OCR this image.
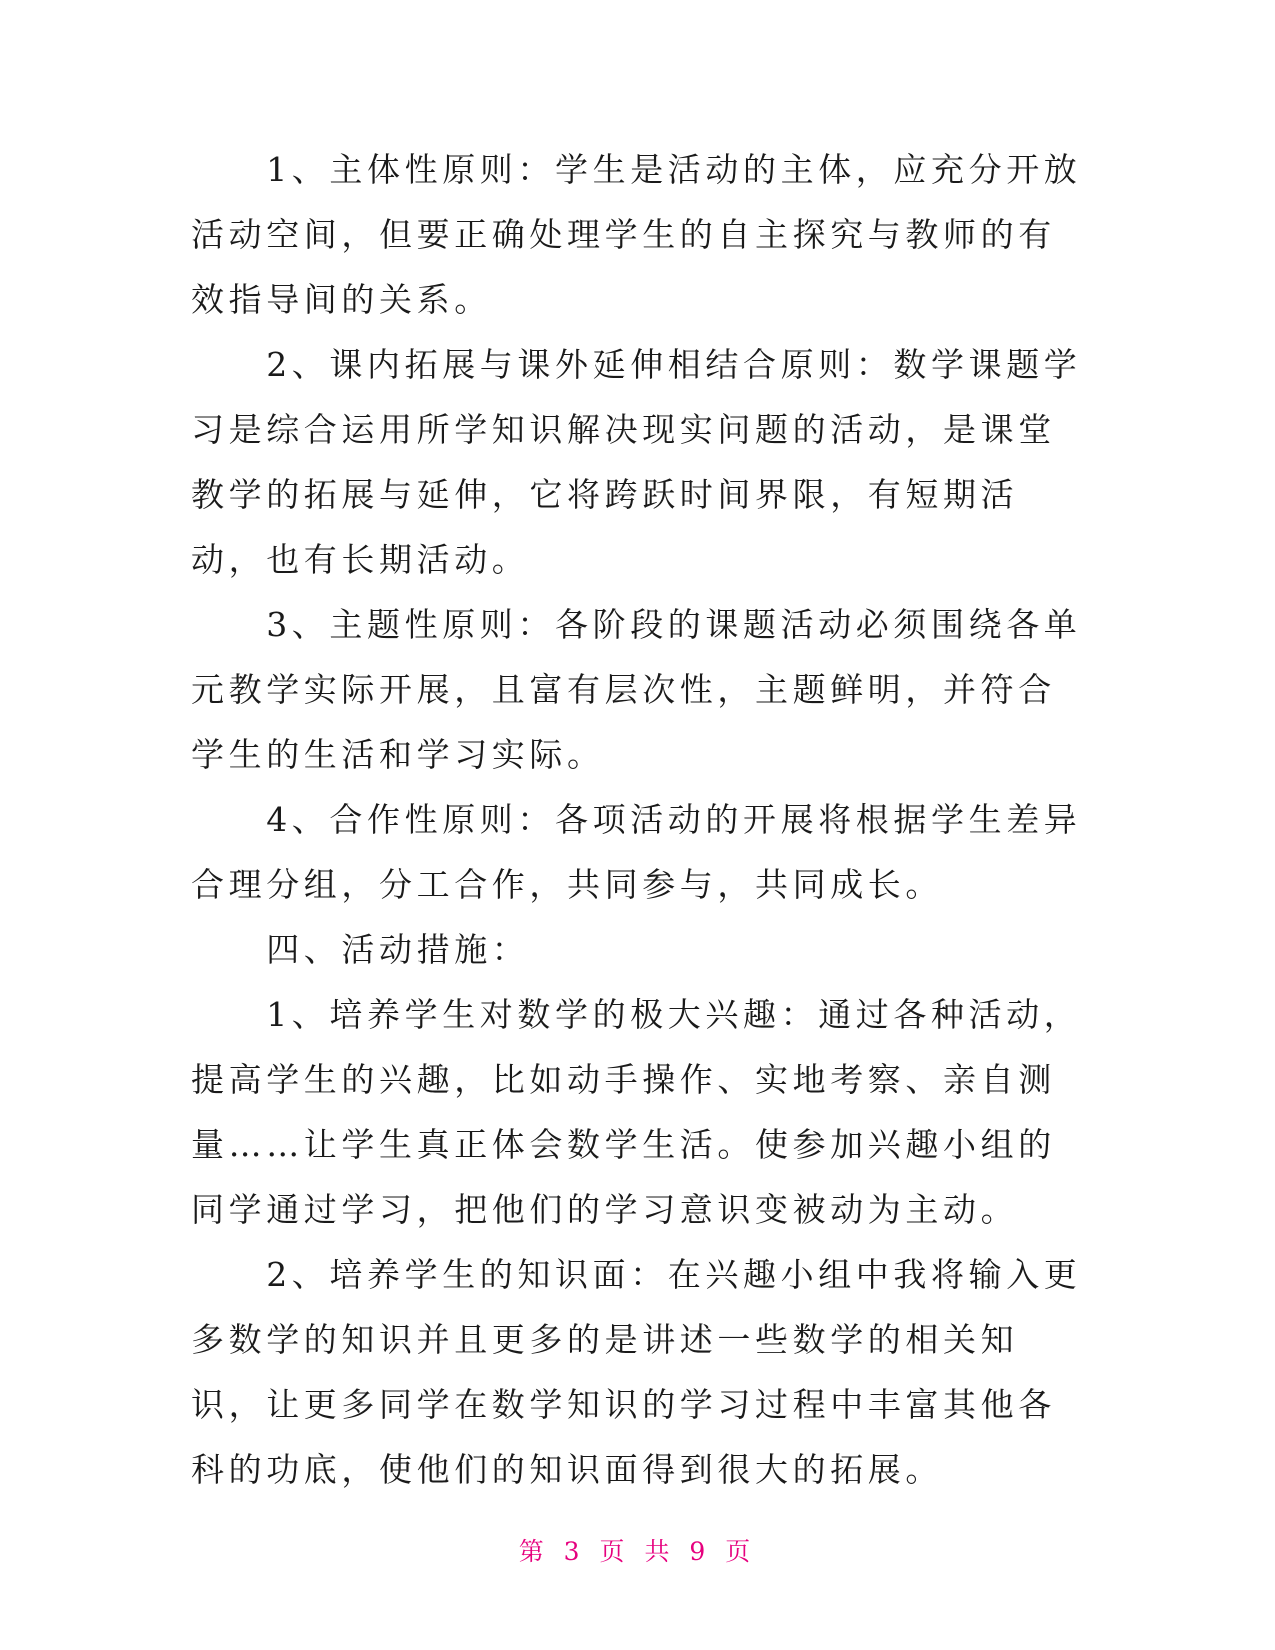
　　1、主体性原则：学生是活动的主体，应充分开放活动空间，但要正确处理学生的自主探究与教师的有效指导间的关系。

　　2、课内拓展与课外延伸相结合原则：数学课题学习是综合运用所学知识解决现实问题的活动，是课堂教学的拓展与延伸，它将跨跃时间界限，有短期活动，也有长期活动。

　　3、主题性原则：各阶段的课题活动必须围绕各单元教学实际开展，且富有层次性，主题鲜明，并符合学生的生活和学习实际。

　　4、合作性原则：各项活动的开展将根据学生差异合理分组，分工合作，共同参与，共同成长。

　　四、活动措施：

　　1、培养学生对数学的极大兴趣：通过各种活动，提高学生的兴趣，比如动手操作、实地考察、亲自测量……让学生真正体会数学生活。使参加兴趣小组的同学通过学习，把他们的学习意识变被动为主动。

　　2、培养学生的知识面：在兴趣小组中我将输入更多数学的知识并且更多的是讲述一些数学的相关知识，让更多同学在数学知识的学习过程中丰富其他各科的功底，使他们的知识面得到很大的拓展。

第 3 页 共 9 页
